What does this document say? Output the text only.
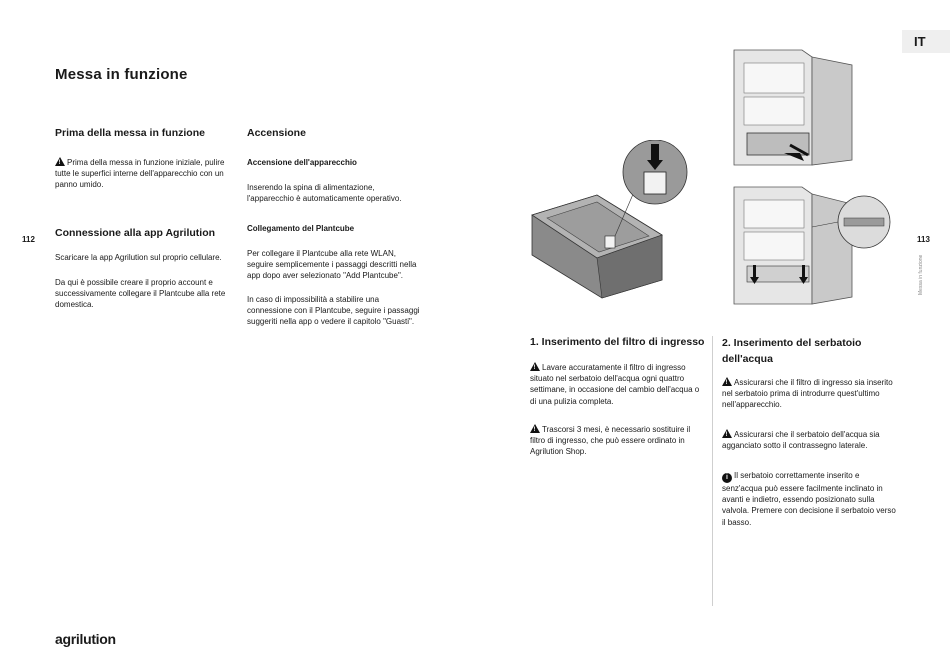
Messa in funzione
Prima della messa in funzione
!Prima della messa in funzione iniziale, pulire tutte le superfici interne dell'apparecchio con un panno umido.
Connessione alla app Agrilution
Scaricare la app Agrilution sul proprio cellulare.
Da qui è possibile creare il proprio account e successivamente collegare il Plantcube alla rete domestica.
Accensione
Accensione dell'apparecchio
Inserendo la spina di alimentazione, l'apparecchio è automaticamente operativo.
Collegamento del Plantcube
Per collegare il Plantcube alla rete WLAN, seguire semplicemente i passaggi descritti nella app dopo aver selezionato "Add Plantcube".
In caso di impossibilità a stabilire una connessione con il Plantcube, seguire i passaggi suggeriti nella app o vedere il capitolo "Guasti".
112
agrilution
IT
113
Messa in funzione
1. Inserimento del filtro di ingresso
!Lavare accuratamente il filtro di ingresso situato nel serbatoio dell'acqua ogni quattro settimane, in occasione del cambio dell'acqua o di una pulizia completa.
!Trascorsi 3 mesi, è necessario sostituire il filtro di ingresso, che può essere ordinato in Agrilution Shop.
2. Inserimento del serbatoio dell'acqua
!Assicurarsi che il filtro di ingresso sia inserito nel serbatoio prima di introdurre quest'ultimo nell'apparecchio.
!Assicurarsi che il serbatoio dell'acqua sia agganciato sotto il contrassegno laterale.
i Il serbatoio correttamente inserito e senz'acqua può essere facilmente inclinato in avanti e indietro, essendo posizionato sulla valvola. Premere con decisione il serbatoio verso il basso.
